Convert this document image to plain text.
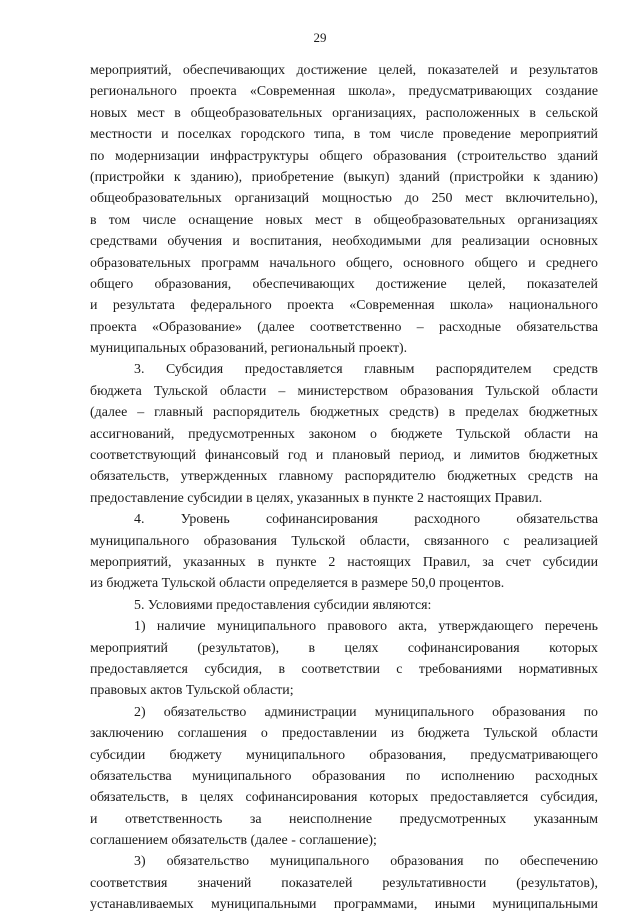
29
мероприятий, обеспечивающих достижение целей, показателей и результатов
регионального проекта «Современная школа», предусматривающих создание
новых мест в общеобразовательных организациях, расположенных в сельской
местности и поселках городского типа, в том числе проведение мероприятий
по модернизации инфраструктуры общего образования (строительство зданий
(пристройки к зданию), приобретение (выкуп) зданий (пристройки к зданию)
общеобразовательных организаций мощностью до 250 мест включительно),
в том числе оснащение новых мест в общеобразовательных организациях
средствами обучения и воспитания, необходимыми для реализации основных
образовательных программ начального общего, основного общего и среднего
общего образования, обеспечивающих достижение целей, показателей
и результата федерального проекта «Современная школа» национального
проекта «Образование» (далее соответственно – расходные обязательства
муниципальных образований, региональный проект).
3. Субсидия предоставляется главным распорядителем средств
бюджета Тульской области – министерством образования Тульской области
(далее – главный распорядитель бюджетных средств) в пределах бюджетных
ассигнований, предусмотренных законом о бюджете Тульской области на
соответствующий финансовый год и плановый период, и лимитов бюджетных
обязательств, утвержденных главному распорядителю бюджетных средств на
предоставление субсидии в целях, указанных в пункте 2 настоящих Правил.
4. Уровень софинансирования расходного обязательства
муниципального образования Тульской области, связанного с реализацией
мероприятий, указанных в пункте 2 настоящих Правил, за счет субсидии
из бюджета Тульской области определяется в размере 50,0 процентов.
5. Условиями предоставления субсидии являются:
1) наличие муниципального правового акта, утверждающего перечень
мероприятий (результатов), в целях софинансирования которых
предоставляется субсидия, в соответствии с требованиями нормативных
правовых актов Тульской области;
2) обязательство администрации муниципального образования по
заключению соглашения о предоставлении из бюджета Тульской области
субсидии бюджету муниципального образования, предусматривающего
обязательства муниципального образования по исполнению расходных
обязательств, в целях софинансирования которых предоставляется субсидия,
и ответственность за неисполнение предусмотренных указанным
соглашением обязательств (далее - соглашение);
3) обязательство муниципального образования по обеспечению
соответствия значений показателей результативности (результатов),
устанавливаемых муниципальными программами, иными муниципальными
